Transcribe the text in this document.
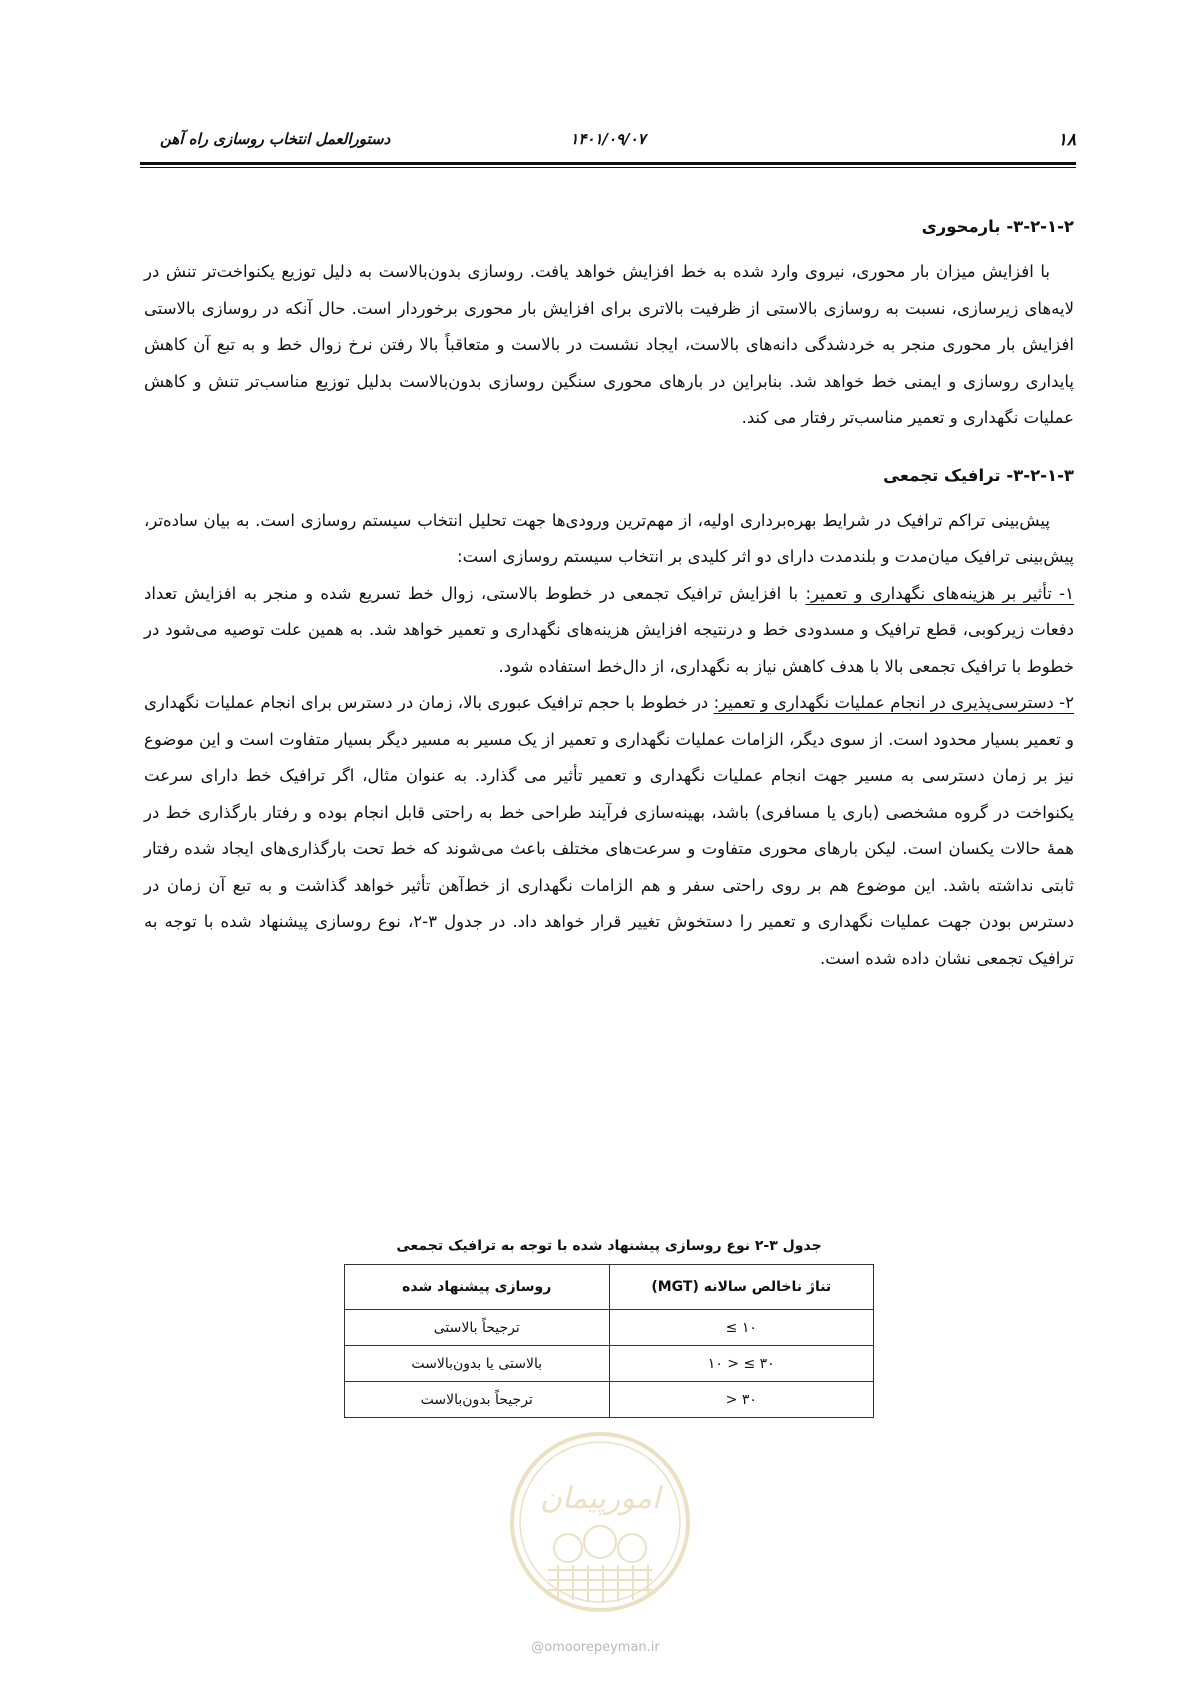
۱۸
۱۴۰۱/۰۹/۰۷
دستورالعمل انتخاب روسازی راه آهن
۳-۲-۱-۲- بارمحوری

با افزایش میزان بار محوری، نیروی وارد شده به خط افزایش خواهد یافت. روسازی بدون‌بالاست به دلیل توزیع یکنواخت‌تر تنش در لایه‌های زیرسازی، نسبت به روسازی بالاستی از ظرفیت بالاتری برای افزایش بار محوری برخوردار است. حال آنکه در روسازی بالاستی افزایش بار محوری منجر به خردشدگی دانه‌های بالاست، ایجاد نشست در بالاست و متعاقباً بالا رفتن نرخ زوال خط و به تبع آن کاهش پایداری روسازی و ایمنی خط خواهد شد. بنابراین در بارهای محوری سنگین روسازی بدون‌بالاست بدلیل توزیع مناسب‌تر تنش و کاهش عملیات نگهداری و تعمیر مناسب‌تر رفتار می کند.

۳-۲-۱-۳- ترافیک تجمعی

پیش‌بینی تراکم ترافیک در شرایط بهره‌برداری اولیه، از مهم‌ترین ورودی‌ها جهت تحلیل انتخاب سیستم روسازی است. به بیان ساده‌تر، پیش‌بینی ترافیک میان‌مدت و بلندمدت دارای دو اثر کلیدی بر انتخاب سیستم روسازی است:

۱- تأثیر بر هزینه‌های نگهداری و تعمیر: با افزایش ترافیک تجمعی در خطوط بالاستی، زوال خط تسریع شده و منجر به افزایش تعداد دفعات زیرکوبی، قطع ترافیک و مسدودی خط و درنتیجه افزایش هزینه‌های نگهداری و تعمیر خواهد شد. به همین علت توصیه می‌شود در خطوط با ترافیک تجمعی بالا با هدف کاهش نیاز به نگهداری، از دال‌خط استفاده شود.

۲- دسترسی‌پذیری در انجام عملیات نگهداری و تعمیر: در خطوط با حجم ترافیک عبوری بالا، زمان در دسترس برای انجام عملیات نگهداری و تعمیر بسیار محدود است. از سوی دیگر، الزامات عملیات نگهداری و تعمیر از یک مسیر به مسیر دیگر بسیار متفاوت است و این موضوع نیز بر زمان دسترسی به مسیر جهت انجام عملیات نگهداری و تعمیر تأثیر می گذارد. به عنوان مثال، اگر ترافیک خط دارای سرعت یکنواخت در گروه مشخصی (باری یا مسافری) باشد، بهینه‌سازی فرآیند طراحی خط به راحتی قابل انجام بوده و رفتار بارگذاری خط در همهٔ حالات یکسان است. لیکن بارهای محوری متفاوت و سرعت‌های مختلف باعث می‌شوند که خط تحت بارگذاری‌های ایجاد شده رفتار ثابتی نداشته باشد. این موضوع هم بر روی راحتی سفر و هم الزامات نگهداری از خط‌آهن تأثیر خواهد گذاشت و به تبع آن زمان در دسترس بودن جهت عملیات نگهداری و تعمیر را دستخوش تغییر قرار خواهد داد. در جدول ۳-۲، نوع روسازی پیشنهاد شده با توجه به ترافیک تجمعی نشان داده شده است.

جدول ۳-۲ نوع روسازی پیشنهاد شده با توجه به ترافیک تجمعی
تناژ ناخالص سالانه (MGT)	روسازی پیشنهاد شده
۱۰ ≥	ترجیحاً بالاستی
۳۰ ≥ < ۱۰	بالاستی یا بدون‌بالاست
۳۰ <	ترجیحاً بدون‌بالاست
امورپیمان
@omoorepeyman.ir
